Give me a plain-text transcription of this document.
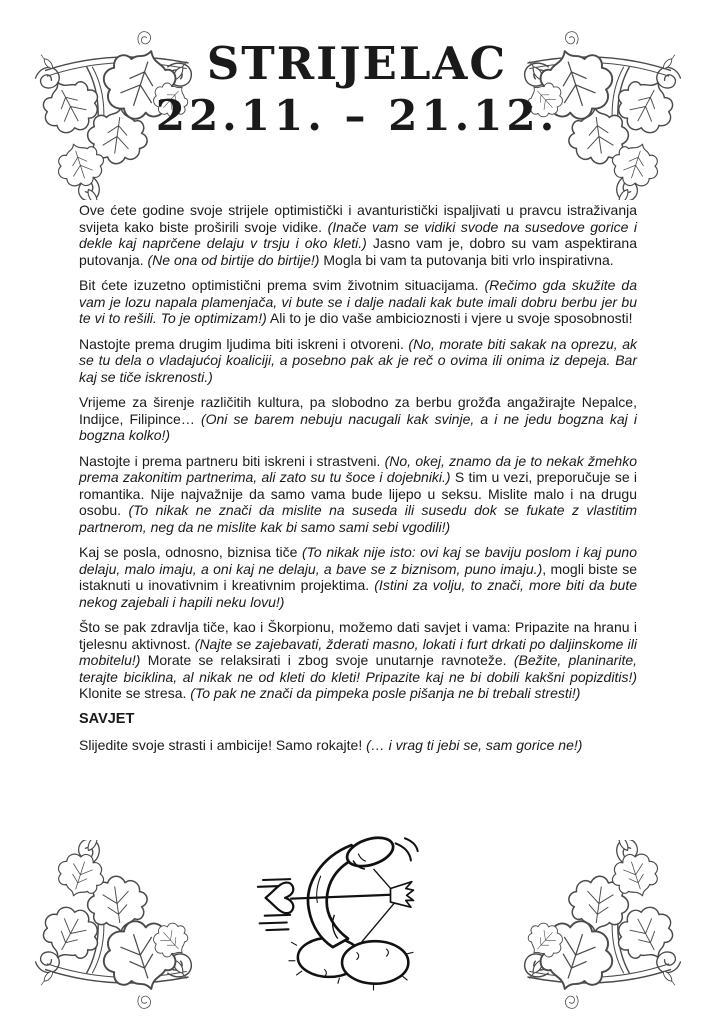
STRIJELAC
22.11. – 21.12.

Ove ćete godine svoje strijele optimistički i avanturistički ispaljivati u pravcu istraživanja svijeta kako biste proširili svoje vidike. (Inače vam se vidiki svode na susedove gorice i dekle kaj naprčene delaju v trsju i oko kleti.) Jasno vam je, dobro su vam aspektirana putovanja. (Ne ona od birtije do birtije!) Mogla bi vam ta putovanja biti vrlo inspirativna.

Bit ćete izuzetno optimistični prema svim životnim situacijama. (Rečimo gda skužite da vam je lozu napala plamenjača, vi bute se i dalje nadali kak bute imali dobru berbu jer bu te vi to rešili. To je optimizam!) Ali to je dio vaše ambicioznosti i vjere u svoje sposobnosti!

Nastojte prema drugim ljudima biti iskreni i otvoreni. (No, morate biti sakak na oprezu, ak se tu dela o vladajućoj koaliciji, a posebno pak ak je reč o ovima ili onima iz depeja. Bar kaj se tiče iskrenosti.)

Vrijeme za širenje različitih kultura, pa slobodno za berbu grožđa angažirajte Nepalce, Indijce, Filipince… (Oni se barem nebuju nacugali kak svinje, a i ne jedu bogzna kaj i bogzna kolko!)

Nastojte i prema partneru biti iskreni i strastveni. (No, okej, znamo da je to nekak žmehko prema zakonitim partnerima, ali zato su tu šoce i dojebniki.) S tim u vezi, preporučuje se i romantika. Nije najvažnije da samo vama bude lijepo u seksu. Mislite malo i na drugu osobu. (To nikak ne znači da mislite na suseda ili susedu dok se fukate z vlastitim partnerom, neg da ne mislite kak bi samo sami sebi vgodili!)

Kaj se posla, odnosno, biznisa tiče (To nikak nije isto: ovi kaj se baviju poslom i kaj puno delaju, malo imaju, a oni kaj ne delaju, a bave se z biznisom, puno imaju.), mogli biste se istaknuti u inovativnim i kreativnim projektima. (Istini za volju, to znači, more biti da bute nekog zajebali i hapili neku lovu!)

Što se pak zdravlja tiče, kao i Škorpionu, možemo dati savjet i vama: Pripazite na hranu i tjelesnu aktivnost. (Najte se zajebavati, žderati masno, lokati i furt drkati po daljinskome ili mobitelu!) Morate se relaksirati i zbog svoje unutarnje ravnoteže. (Bežite, planinarite, terajte biciklina, al nikak ne od kleti do kleti! Pripazite kaj ne bi dobili kakšni popizditis!) Klonite se stresa. (To pak ne znači da pimpeka posle pišanja ne bi trebali stresti!)

SAVJET

Slijedite svoje strasti i ambicije! Samo rokajte! (… i vrag ti jebi se, sam gorice ne!)
